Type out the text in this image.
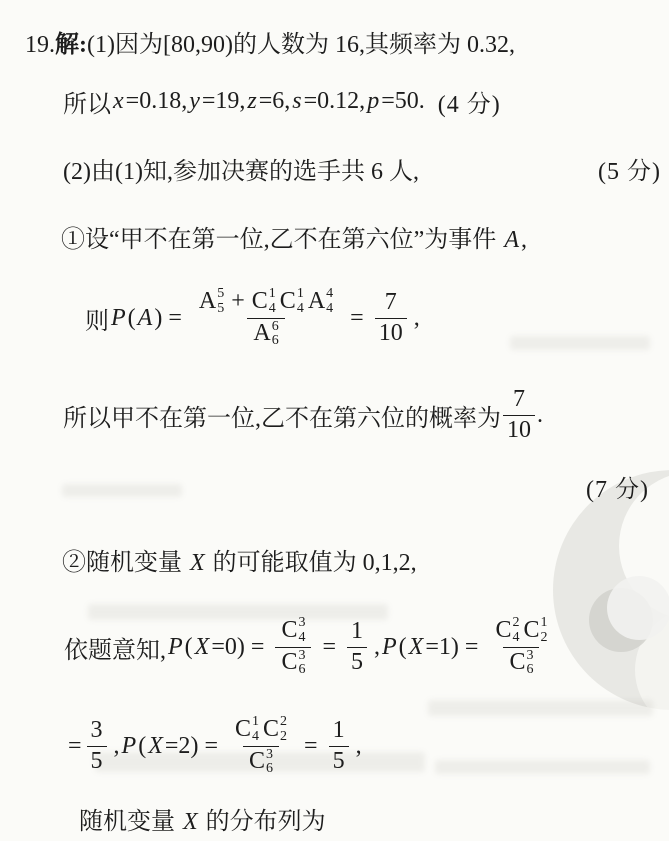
19.解:(1)因为[80,90)的人数为 16,其频率为 0.32,
所以 x =0.18, y =19, z =6, s =0.12, p =50. (4 分)
(2)由(1)知,参加决赛的选手共 6 人,	(5 分)
①设“甲不在第一位,乙不在第六位”为事件 A,
则 P ( A ) =
A 5
5 + C 1
4 C 1
4 A 4
4
A 6
6
= $\frac{7}{10}$ ,
所以甲不在第一位,乙不在第六位的概率为 $\frac{7}{10}$ .
(7 分)
②随机变量 X 的可能取值为 0,1,2,
依题意知, P ( X =0 ) = C 3
4
C 3
$6 = \frac{1}{5}$ , P ( X =1 ) =
C 2
4 C 1
2
C 3
6
= $\frac{3}{5}$ , P ( X =2 ) =
C 1
4 C 2
2
C 3
6
= $\frac{1}{5}$ ,
随机变量 X 的分布列为
